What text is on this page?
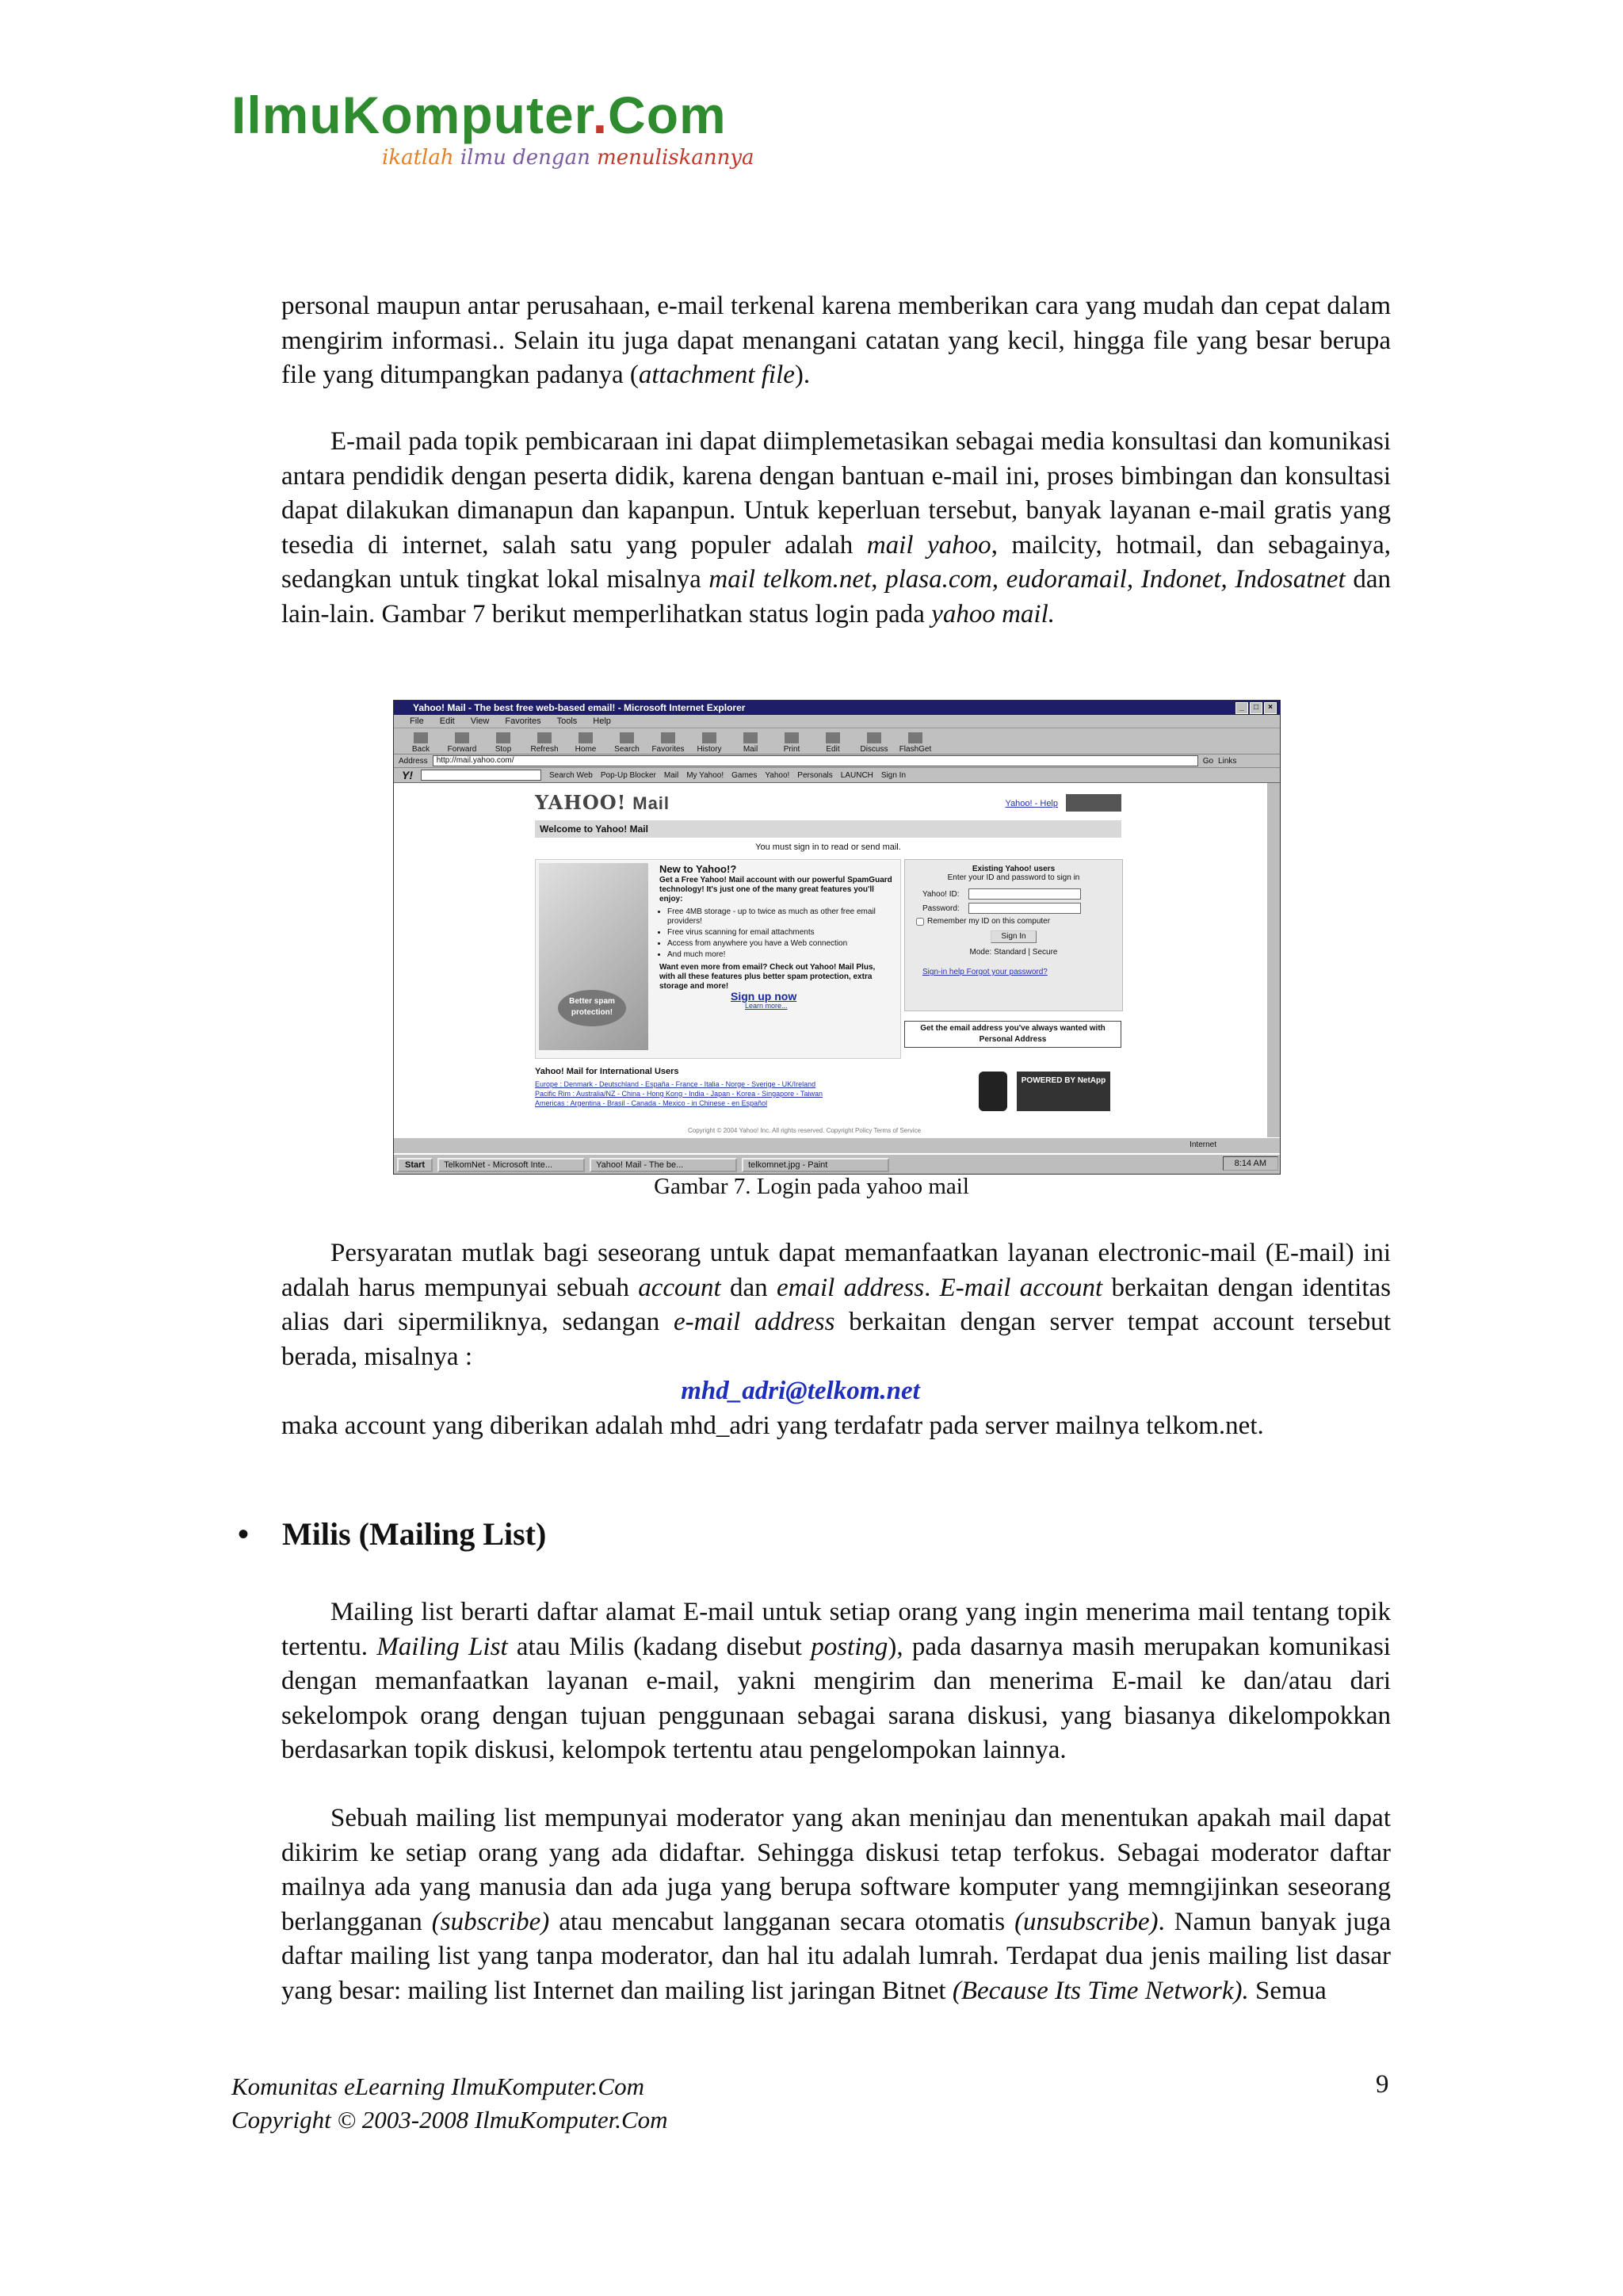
IlmuKomputer.Com
ikatlah ilmu dengan menuliskannya

personal maupun antar perusahaan, e-mail terkenal karena memberikan cara yang mudah dan cepat dalam mengirim informasi.. Selain itu juga dapat menangani catatan yang kecil, hingga file yang besar berupa file yang ditumpangkan padanya (attachment file).

E-mail pada topik pembicaraan ini dapat diimplemetasikan sebagai media konsultasi dan komunikasi antara pendidik dengan peserta didik, karena dengan bantuan e-mail ini, proses bimbingan dan konsultasi dapat dilakukan dimanapun dan kapanpun. Untuk keperluan tersebut, banyak layanan e-mail gratis yang tesedia di internet, salah satu yang populer adalah mail yahoo, mailcity, hotmail, dan sebagainya, sedangkan untuk tingkat lokal misalnya mail telkom.net, plasa.com, eudoramail, Indonet, Indosatnet dan lain-lain. Gambar 7 berikut memperlihatkan status login pada yahoo mail.

Yahoo! Mail - The best free web-based email! - Microsoft Internet Explorer	_	□	×
File Edit View Favorites Tools Help
Back	Forward	Stop	Refresh	Home	Search	Favorites	History	Mail	Print	Edit	Discuss	FlashGet
Address	http://mail.yahoo.com/	Go Links
Y!	Search Web Pop-Up Blocker Mail My Yahoo! Games Yahoo! Personals LAUNCH Sign In
YAHOO! Mail	Yahoo! - Help
Welcome to Yahoo! Mail
You must sign in to read or send mail.
Better spam protection!
New to Yahoo!?
Get a Free Yahoo! Mail account with our powerful SpamGuard technology! It's just one of the many great features you'll enjoy:
• Free 4MB storage - up to twice as much as other free email providers!
• Free virus scanning for email attachments
• Access from anywhere you have a Web connection
• And much more!
Want even more from email? Check out Yahoo! Mail Plus, with all these features plus better spam protection, extra storage and more!
Sign up now
Learn more...
Existing Yahoo! users
Enter your ID and password to sign in
Yahoo! ID:
Password:
Remember my ID on this computer
Sign In
Mode: Standard | Secure
Sign-in help Forgot your password?
Get the email address you've always wanted with Personal Address
Yahoo! Mail for International Users
Europe : Denmark - Deutschland - España - France - Italia - Norge - Sverige - UK/Ireland
Pacific Rim : Australia/NZ - China - Hong Kong - India - Japan - Korea - Singapore - Taiwan
Americas : Argentina - Brasil - Canada - Mexico - in Chinese - en Español
POWERED BY NetApp
Copyright © 2004 Yahoo! Inc. All rights reserved. Copyright Policy Terms of Service
Internet
Start	TelkomNet - Microsoft Inte...	Yahoo! Mail - The be...	telkomnet.jpg - Paint	8:14 AM
Gambar 7. Login pada yahoo mail

Persyaratan mutlak bagi seseorang untuk dapat memanfaatkan layanan electronic-mail (E-mail) ini adalah harus mempunyai sebuah account dan email address. E-mail account berkaitan dengan identitas alias dari sipermiliknya, sedangan e-mail address berkaitan dengan server tempat account tersebut berada, misalnya :

mhd_adri@telkom.net

maka account yang diberikan adalah mhd_adri yang terdafatr pada server mailnya telkom.net.

• Milis (Mailing List)

Mailing list berarti daftar alamat E-mail untuk setiap orang yang ingin menerima mail tentang topik tertentu. Mailing List atau Milis (kadang disebut posting), pada dasarnya masih merupakan komunikasi dengan memanfaatkan layanan e-mail, yakni mengirim dan menerima E-mail ke dan/atau dari sekelompok orang dengan tujuan penggunaan sebagai sarana diskusi, yang biasanya dikelompokkan berdasarkan topik diskusi, kelompok tertentu atau pengelompokan lainnya.

Sebuah mailing list mempunyai moderator yang akan meninjau dan menentukan apakah mail dapat dikirim ke setiap orang yang ada didaftar. Sehingga diskusi tetap terfokus. Sebagai moderator daftar mailnya ada yang manusia dan ada juga yang berupa software komputer yang memngijinkan seseorang berlangganan (subscribe) atau mencabut langganan secara otomatis (unsubscribe). Namun banyak juga daftar mailing list yang tanpa moderator, dan hal itu adalah lumrah. Terdapat dua jenis mailing list dasar yang besar: mailing list Internet dan mailing list jaringan Bitnet (Because Its Time Network). Semua

Komunitas eLearning IlmuKomputer.Com
Copyright © 2003-2008 IlmuKomputer.Com
9
